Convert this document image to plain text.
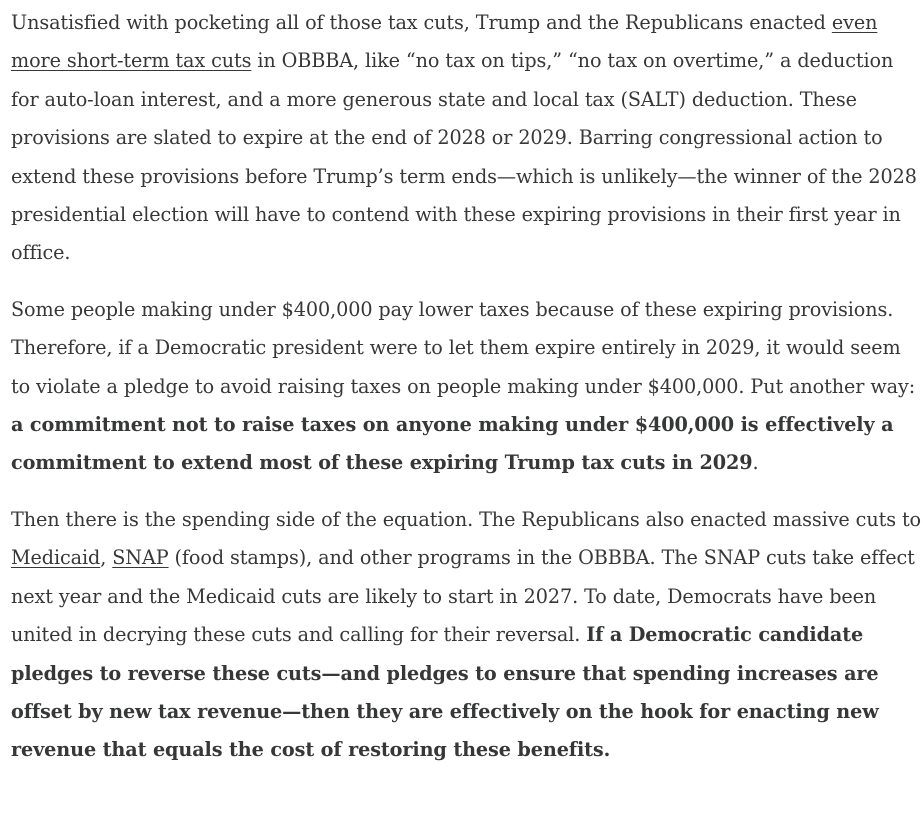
Unsatisfied with pocketing all of those tax cuts, Trump and the Republicans enacted even more short-term tax cuts in OBBBA, like “no tax on tips,” “no tax on overtime,” a deduction for auto-loan interest, and a more generous state and local tax (SALT) deduction. These provisions are slated to expire at the end of 2028 or 2029. Barring congressional action to extend these provisions before Trump’s term ends—which is unlikely—the winner of the 2028 presidential election will have to contend with these expiring provisions in their first year in office.

Some people making under $400,000 pay lower taxes because of these expiring provisions. Therefore, if a Democratic president were to let them expire entirely in 2029, it would seem to violate a pledge to avoid raising taxes on people making under $400,000. Put another way: a commitment not to raise taxes on anyone making under $400,000 is effectively a commitment to extend most of these expiring Trump tax cuts in 2029.

Then there is the spending side of the equation. The Republicans also enacted massive cuts to Medicaid, SNAP (food stamps), and other programs in the OBBBA. The SNAP cuts take effect next year and the Medicaid cuts are likely to start in 2027. To date, Democrats have been united in decrying these cuts and calling for their reversal. If a Democratic candidate pledges to reverse these cuts—and pledges to ensure that spending increases are offset by new tax revenue—then they are effectively on the hook for enacting new revenue that equals the cost of restoring these benefits.
